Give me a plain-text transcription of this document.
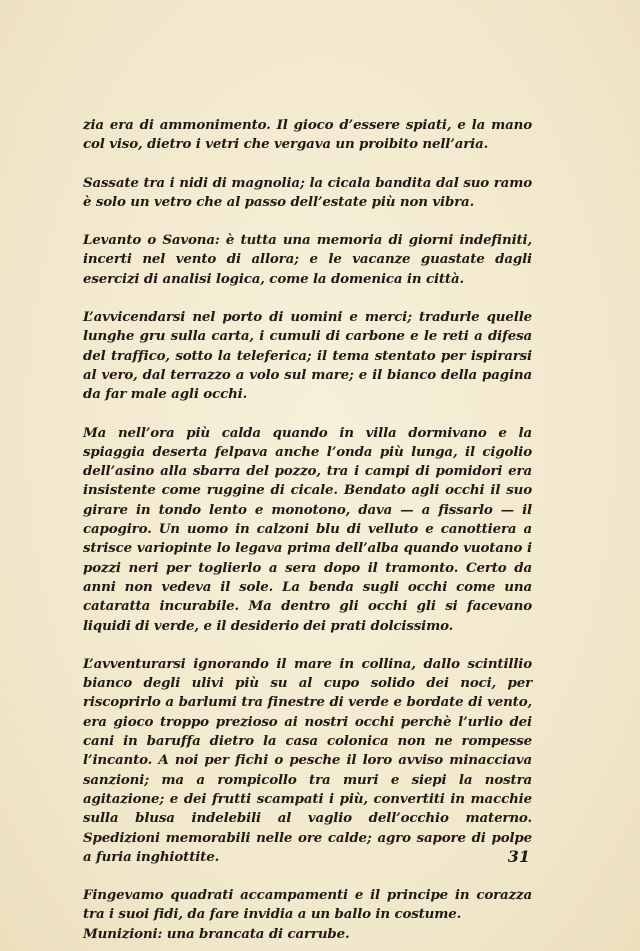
zia era di ammonimento. Il gioco d’essere spiati, e la mano col viso, dietro i vetri che vergava un proibito nell’aria.

Sassate tra i nidi di magnolia; la cicala bandita dal suo ramo è solo un vetro che al passo dell’estate più non vibra.

Levanto o Savona: è tutta una memoria di giorni indefiniti, incerti nel vento di allora; e le vacanze guastate dagli esercizi di analisi logica, come la domenica in città.

L’avvicendarsi nel porto di uomini e merci; tradurle quelle lunghe gru sulla carta, i cumuli di carbone e le reti a difesa del traffico, sotto la teleferica; il tema stentato per ispirarsi al vero, dal terrazzo a volo sul mare; e il bianco della pagina da far male agli occhi.

Ma nell’ora più calda quando in villa dormivano e la spiaggia deserta felpava anche l’onda più lunga, il cigolio dell’asino alla sbarra del pozzo, tra i campi di pomidori era insistente come ruggine di cicale. Bendato agli occhi il suo girare in tondo lento e monotono, dava — a fissarlo — il capogiro. Un uomo in calzoni blu di velluto e canottiera a strisce variopinte lo legava prima dell’alba quando vuotano i pozzi neri per toglierlo a sera dopo il tramonto. Certo da anni non vedeva il sole. La benda sugli occhi come una cataratta incurabile. Ma dentro gli occhi gli si facevano liquidi di verde, e il desiderio dei prati dolcissimo.

L’avventurarsi ignorando il mare in collina, dallo scintillio bianco degli ulivi più su al cupo solido dei noci, per riscoprirlo a barlumi tra finestre di verde e bordate di vento, era gioco troppo prezioso ai nostri occhi perchè l’urlio dei cani in baruffa dietro la casa colonica non ne rompesse l’incanto. A noi per fichi o pesche il loro avviso minacciava sanzioni; ma a rompicollo tra muri e siepi la nostra agitazione; e dei frutti scampati i più, convertiti in macchie sulla blusa indelebili al vaglio dell’occhio materno. Spedizioni memorabili nelle ore calde; agro sapore di polpe a furia inghiottite.

Fingevamo quadrati accampamenti e il principe in corazza tra i suoi fidi, da fare invidia a un ballo in costume.

Munizioni: una brancata di carrube.

31
